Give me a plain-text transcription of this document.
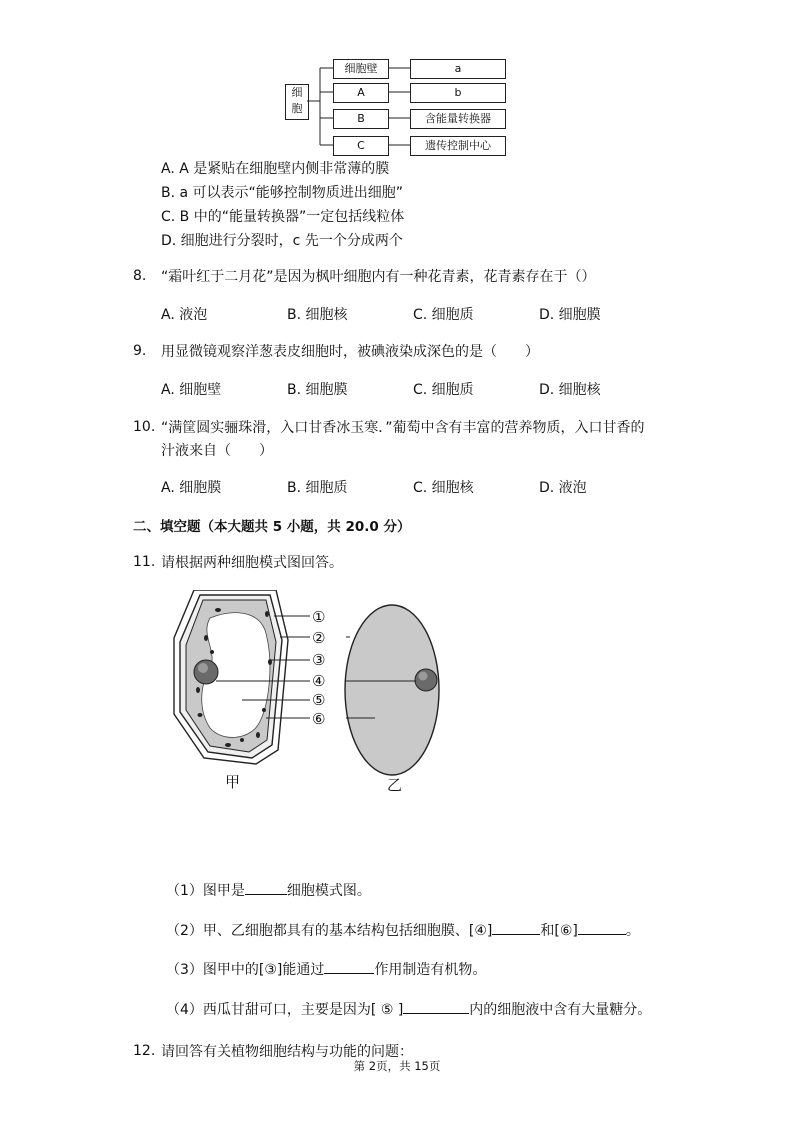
细
胞
细胞壁	a
A	b
B	含能量转换器
C	遗传控制中心
A. A 是紧贴在细胞壁内侧非常薄的膜
B. a 可以表示“能够控制物质进出细胞”
C. B 中的“能量转换器”一定包括线粒体
D. 细胞进行分裂时，c 先一个分成两个
8. “霜叶红于二月花”是因为枫叶细胞内有一种花青素，花青素存在于（）
A. 液泡	B. 细胞核	C. 细胞质	D. 细胞膜
9. 用显微镜观察洋葱表皮细胞时，被碘液染成深色的是（　　）
A. 细胞壁	B. 细胞膜	C. 细胞质	D. 细胞核
10. “满筐圆实骊珠滑，入口甘香冰玉寒．”葡萄中含有丰富的营养物质，入口甘香的
汁液来自（　　）
A. 细胞膜	B. 细胞质	C. 细胞核	D. 液泡
二、填空题（本大题共 5 小题，共 20.0 分）
11. 请根据两种细胞模式图回答。
①
②
③
④
⑤
⑥
甲	乙
（1）图甲是	细胞模式图。
（2）甲、乙细胞都具有的基本结构包括细胞膜、[④]	和[⑥]	。
（3）图甲中的[③]能通过	作用制造有机物。
（4）西瓜甘甜可口，主要是因为[ ⑤ ]	内的细胞液中含有大量糖分。
12. 请回答有关植物细胞结构与功能的问题：
第 2页，共 15页
